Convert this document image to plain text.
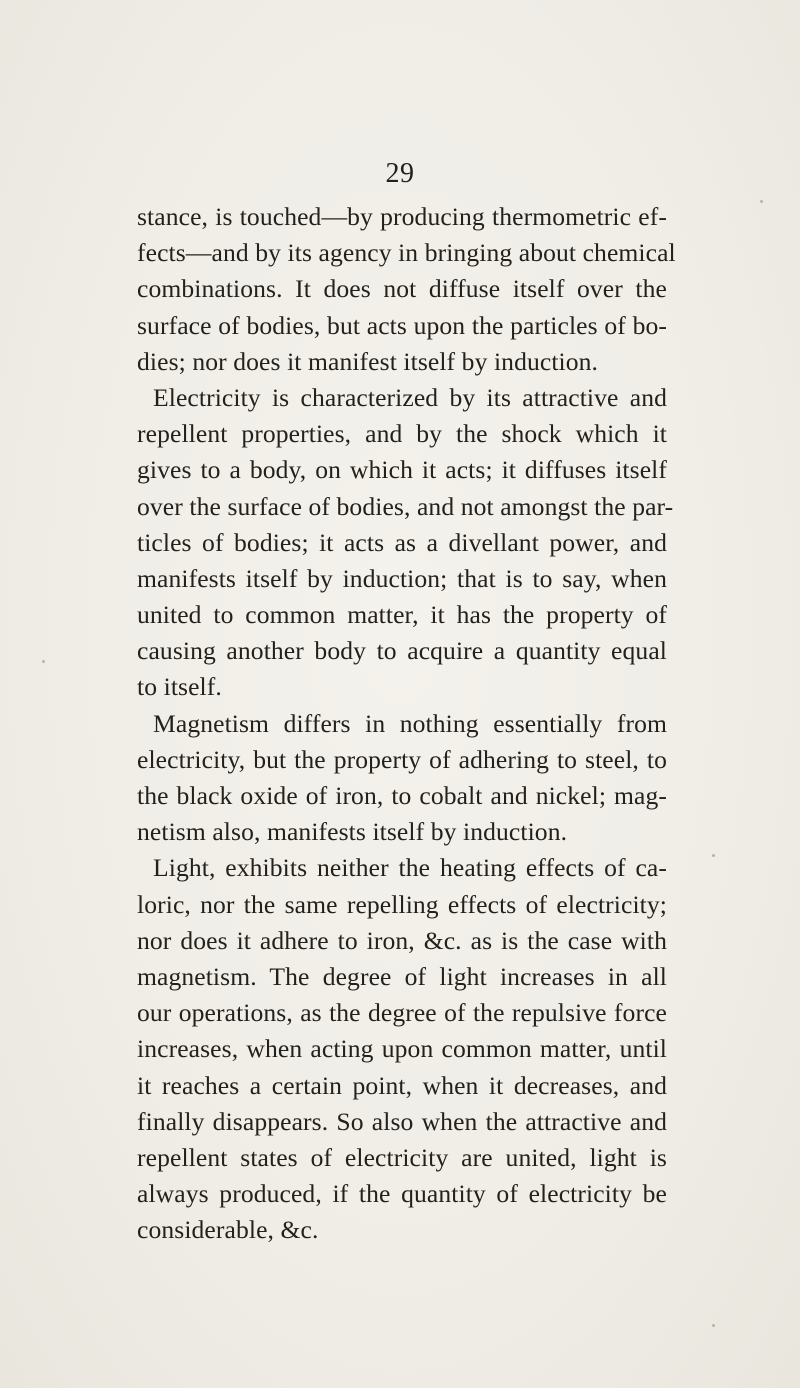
29
stance, is touched—by producing thermometric ef-
fects—and by its agency in bringing about chemical
combinations. It does not diffuse itself over the
surface of bodies, but acts upon the particles of bo-
dies; nor does it manifest itself by induction.
Electricity is characterized by its attractive and
repellent properties, and by the shock which it
gives to a body, on which it acts; it diffuses itself
over the surface of bodies, and not amongst the par-
ticles of bodies; it acts as a divellant power, and
manifests itself by induction; that is to say, when
united to common matter, it has the property of
causing another body to acquire a quantity equal
to itself.
Magnetism differs in nothing essentially from
electricity, but the property of adhering to steel, to
the black oxide of iron, to cobalt and nickel; mag-
netism also, manifests itself by induction.
Light, exhibits neither the heating effects of ca-
loric, nor the same repelling effects of electricity;
nor does it adhere to iron, &c. as is the case with
magnetism. The degree of light increases in all
our operations, as the degree of the repulsive force
increases, when acting upon common matter, until
it reaches a certain point, when it decreases, and
finally disappears. So also when the attractive and
repellent states of electricity are united, light is
always produced, if the quantity of electricity be
considerable, &c.
